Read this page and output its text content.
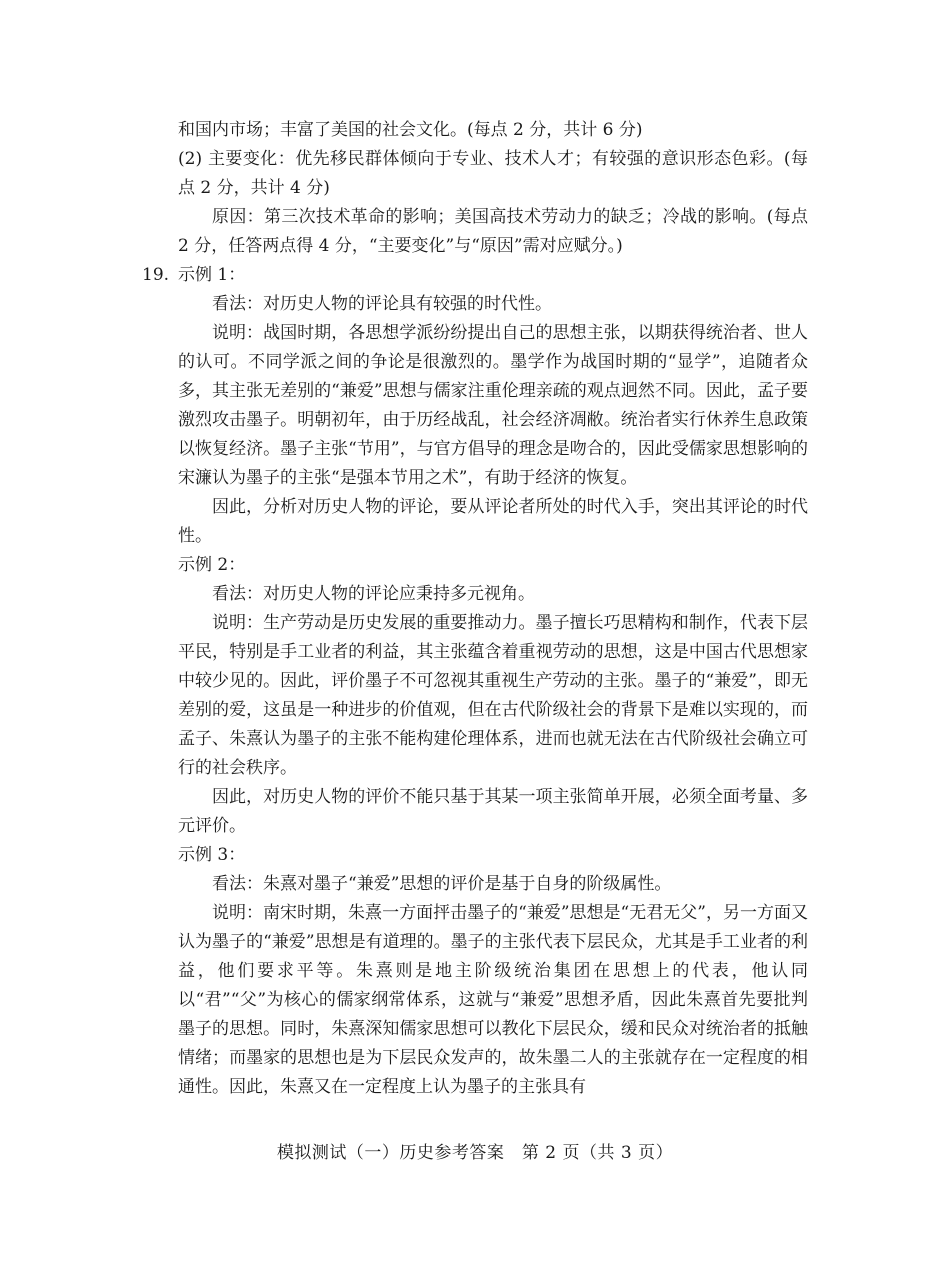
和国内市场；丰富了美国的社会文化。(每点 2 分，共计 6 分)

(2) 主要变化：优先移民群体倾向于专业、技术人才；有较强的意识形态色彩。(每点 2 分，共计 4 分)

原因：第三次技术革命的影响；美国高技术劳动力的缺乏；冷战的影响。(每点 2 分，任答两点得 4 分，“主要变化”与“原因”需对应赋分。)

19. 示例 1：

看法：对历史人物的评论具有较强的时代性。

说明：战国时期，各思想学派纷纷提出自己的思想主张，以期获得统治者、世人的认可。不同学派之间的争论是很激烈的。墨学作为战国时期的“显学”，追随者众多，其主张无差别的“兼爱”思想与儒家注重伦理亲疏的观点迥然不同。因此，孟子要激烈攻击墨子。明朝初年，由于历经战乱，社会经济凋敝。统治者实行休养生息政策以恢复经济。墨子主张“节用”，与官方倡导的理念是吻合的，因此受儒家思想影响的宋濂认为墨子的主张“是强本节用之术”，有助于经济的恢复。

因此，分析对历史人物的评论，要从评论者所处的时代入手，突出其评论的时代性。

示例 2：

看法：对历史人物的评论应秉持多元视角。

说明：生产劳动是历史发展的重要推动力。墨子擅长巧思精构和制作，代表下层平民，特别是手工业者的利益，其主张蕴含着重视劳动的思想，这是中国古代思想家中较少见的。因此，评价墨子不可忽视其重视生产劳动的主张。墨子的“兼爱”，即无差别的爱，这虽是一种进步的价值观，但在古代阶级社会的背景下是难以实现的，而孟子、朱熹认为墨子的主张不能构建伦理体系，进而也就无法在古代阶级社会确立可行的社会秩序。

因此，对历史人物的评价不能只基于其某一项主张简单开展，必须全面考量、多元评价。

示例 3：

看法：朱熹对墨子“兼爱”思想的评价是基于自身的阶级属性。

说明：南宋时期，朱熹一方面抨击墨子的“兼爱”思想是“无君无父”，另一方面又认为墨子的“兼爱”思想是有道理的。墨子的主张代表下层民众，尤其是手工业者的利益，他们要求平等。朱熹则是地主阶级统治集团在思想上的代表，他认同以“君”“父”为核心的儒家纲常体系，这就与“兼爱”思想矛盾，因此朱熹首先要批判墨子的思想。同时，朱熹深知儒家思想可以教化下层民众，缓和民众对统治者的抵触情绪；而墨家的思想也是为下层民众发声的，故朱墨二人的主张就存在一定程度的相通性。因此，朱熹又在一定程度上认为墨子的主张具有

模拟测试（一）历史参考答案　第 2 页（共 3 页）
